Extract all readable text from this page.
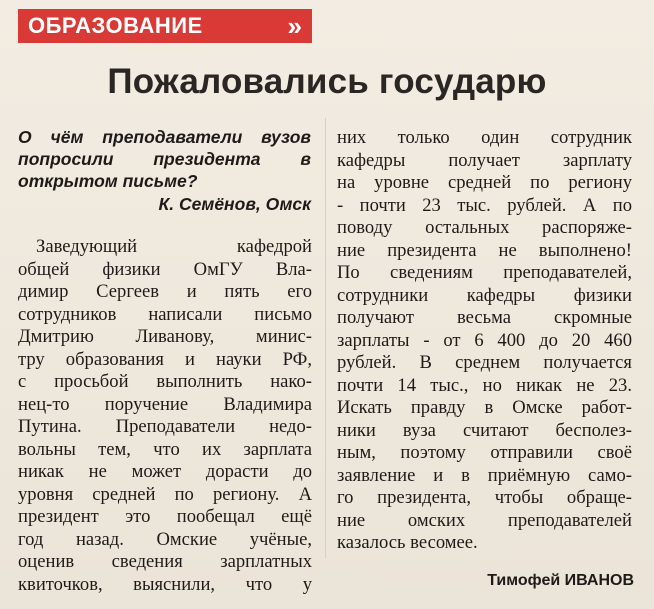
ОБРАЗОВАНИЕ	»
Пожаловались государю
О чём преподаватели вузов попросили президента в открытом письме?
К. Семёнов, Омск
Заведующий кафедрой
общей физики ОмГУ Вла-
димир Сергеев и пять его
сотрудников написали письмо
Дмитрию Ливанову, минис-
тру образования и науки РФ,
с просьбой выполнить нако-
нец-то поручение Владимира
Путина. Преподаватели недо-
вольны тем, что их зарплата
никак не может дорасти до
уровня средней по региону. А
президент это пообещал ещё
год назад. Омские учёные,
оценив сведения зарплатных
квиточков, выяснили, что у
них только один сотрудник
кафедры получает зарплату
на уровне средней по региону
- почти 23 тыс. рублей. А по
поводу остальных распоряже-
ние президента не выполнено!
По сведениям преподавателей,
сотрудники кафедры физики
получают весьма скромные
зарплаты - от 6 400 до 20 460
рублей. В среднем получается
почти 14 тыс., но никак не 23.
Искать правду в Омске работ-
ники вуза считают бесполез-
ным, поэтому отправили своё
заявление и в приёмную само-
го президента, чтобы обраще-
ние омских преподавателей
казалось весомее.
Тимофей ИВАНОВ
